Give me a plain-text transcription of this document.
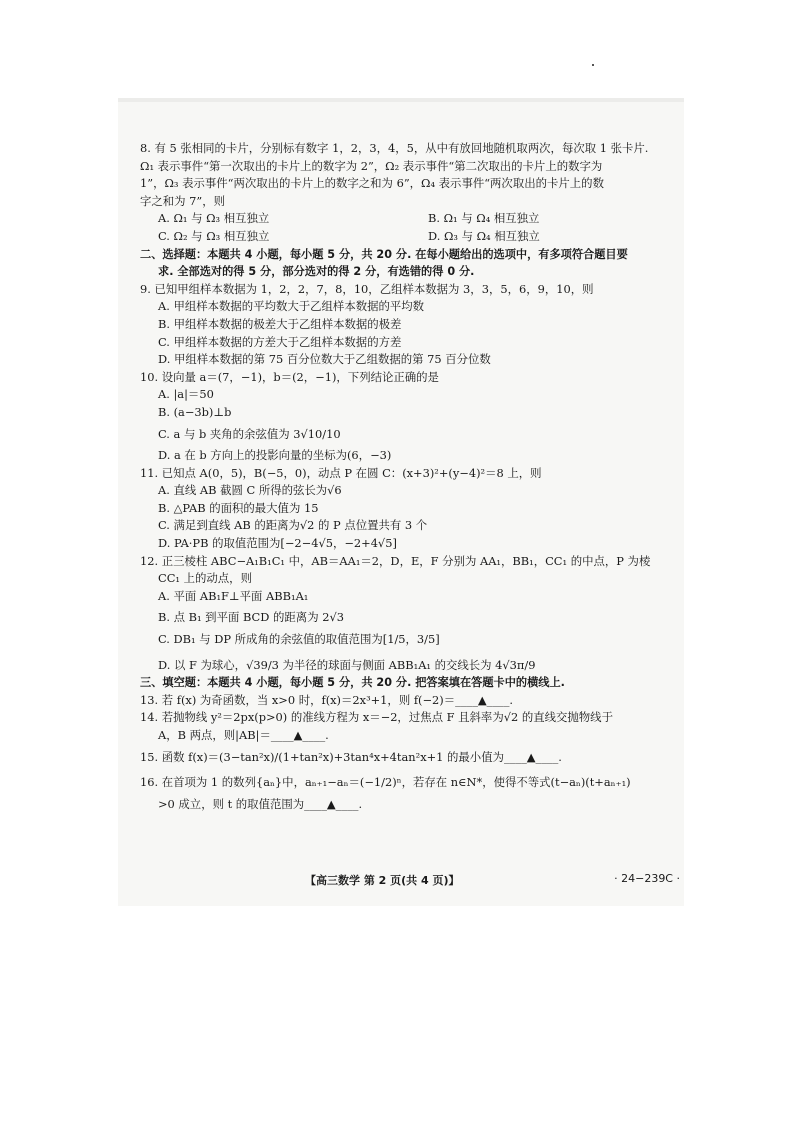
8. 有 5 张相同的卡片，分别标有数字 1，2，3，4，5，从中有放回地随机取两次，每次取 1 张卡片.
Ω₁ 表示事件“第一次取出的卡片上的数字为 2”，Ω₂ 表示事件“第二次取出的卡片上的数字为
1”，Ω₃ 表示事件“两次取出的卡片上的数字之和为 6”，Ω₄ 表示事件“两次取出的卡片上的数
字之和为 7”，则
A. Ω₁ 与 Ω₃ 相互独立	B. Ω₁ 与 Ω₄ 相互独立
C. Ω₂ 与 Ω₃ 相互独立	D. Ω₃ 与 Ω₄ 相互独立
二、选择题：本题共 4 小题，每小题 5 分，共 20 分. 在每小题给出的选项中，有多项符合题目要
求. 全部选对的得 5 分，部分选对的得 2 分，有选错的得 0 分.
9. 已知甲组样本数据为 1，2，2，7，8，10，乙组样本数据为 3，3，5，6，9，10，则
A. 甲组样本数据的平均数大于乙组样本数据的平均数
B. 甲组样本数据的极差大于乙组样本数据的极差
C. 甲组样本数据的方差大于乙组样本数据的方差
D. 甲组样本数据的第 75 百分位数大于乙组数据的第 75 百分位数
10. 设向量 a＝(7，−1)，b＝(2，−1)，下列结论正确的是
A. |a|＝50
B. (a−3b)⊥b
C. a 与 b 夹角的余弦值为 3√10/10
D. a 在 b 方向上的投影向量的坐标为(6，−3)
11. 已知点 A(0，5)，B(−5，0)，动点 P 在圆 C：(x+3)²+(y−4)²＝8 上，则
A. 直线 AB 截圆 C 所得的弦长为√6
B. △PAB 的面积的最大值为 15
C. 满足到直线 AB 的距离为√2 的 P 点位置共有 3 个
D. PA·PB 的取值范围为[−2−4√5，−2+4√5]
12. 正三棱柱 ABC−A₁B₁C₁ 中，AB＝AA₁＝2，D，E，F 分别为 AA₁，BB₁，CC₁ 的中点，P 为棱
CC₁ 上的动点，则
A. 平面 AB₁F⊥平面 ABB₁A₁
B. 点 B₁ 到平面 BCD 的距离为 2√3
C. DB₁ 与 DP 所成角的余弦值的取值范围为[1/5，3/5]
D. 以 F 为球心，√39/3 为半径的球面与侧面 ABB₁A₁ 的交线长为 4√3π/9
三、填空题：本题共 4 小题，每小题 5 分，共 20 分. 把答案填在答题卡中的横线上.
13. 若 f(x) 为奇函数，当 x>0 时，f(x)＝2x³+1，则 f(−2)＝____▲____.
14. 若抛物线 y²＝2px(p>0) 的准线方程为 x＝−2，过焦点 F 且斜率为√2 的直线交抛物线于
A，B 两点，则|AB|＝____▲____.
15. 函数 f(x)＝(3−tan²x)/(1+tan²x)+3tan⁴x+4tan²x+1 的最小值为____▲____.
16. 在首项为 1 的数列{aₙ}中，aₙ₊₁−aₙ＝(−1/2)ⁿ，若存在 n∈N*，使得不等式(t−aₙ)(t+aₙ₊₁)
>0 成立，则 t 的取值范围为____▲____.
【高三数学 第 2 页(共 4 页)】	· 24−239C ·
